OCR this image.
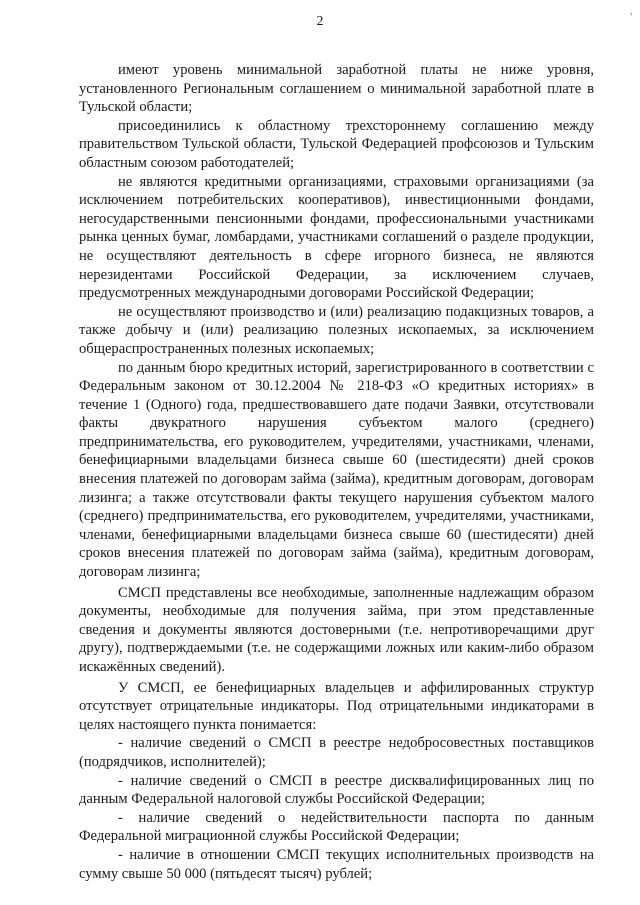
2	'

имеют уровень минимальной заработной платы не ниже уровня, установленного Региональным соглашением о минимальной заработной плате в Тульской области;

присоединились к областному трехстороннему соглашению между правительством Тульской области, Тульской Федерацией профсоюзов и Тульским областным союзом работодателей;

не являются кредитными организациями, страховыми организациями (за исключением потребительских кооперативов), инвестиционными фондами, негосударственными пенсионными фондами, профессиональными участниками рынка ценных бумаг, ломбардами, участниками соглашений о разделе продукции, не осуществляют деятельность в сфере игорного бизнеса, не являются нерезидентами Российской Федерации, за исключением случаев, предусмотренных международными договорами Российской Федерации;

не осуществляют производство и (или) реализацию подакцизных товаров, а также добычу и (или) реализацию полезных ископаемых, за исключением общераспространенных полезных ископаемых;

по данным бюро кредитных историй, зарегистрированного в соответствии с Федеральным законом от 30.12.2004 № 218-ФЗ «О кредитных историях» в течение 1 (Одного) года, предшествовавшего дате подачи Заявки, отсутствовали факты двукратного нарушения субъектом малого (среднего) предпринимательства, его руководителем, учредителями, участниками, членами, бенефициарными владельцами бизнеса свыше 60 (шестидесяти) дней сроков внесения платежей по договорам займа (займа), кредитным договорам, договорам лизинга; а также отсутствовали факты текущего нарушения субъектом малого (среднего) предпринимательства, его руководителем, учредителями, участниками, членами, бенефициарными владельцами бизнеса свыше 60 (шестидесяти) дней сроков внесения платежей по договорам займа (займа), кредитным договорам, договорам лизинга;

СМСП представлены все необходимые, заполненные надлежащим образом документы, необходимые для получения займа, при этом представленные сведения и документы являются достоверными (т.е. непротиворечащими друг другу), подтверждаемыми (т.е. не содержащими ложных или каким-либо образом искажённых сведений).

У СМСП, ее бенефициарных владельцев и аффилированных структур отсутствует отрицательные индикаторы. Под отрицательными индикаторами в целях настоящего пункта понимается:

- наличие сведений о СМСП в реестре недобросовестных поставщиков (подрядчиков, исполнителей);

- наличие сведений о СМСП в реестре дисквалифицированных лиц по данным Федеральной налоговой службы Российской Федерации;

- наличие сведений о недействительности паспорта по данным Федеральной миграционной службы Российской Федерации;

- наличие в отношении СМСП текущих исполнительных производств на сумму свыше 50 000 (пятьдесят тысяч) рублей;
